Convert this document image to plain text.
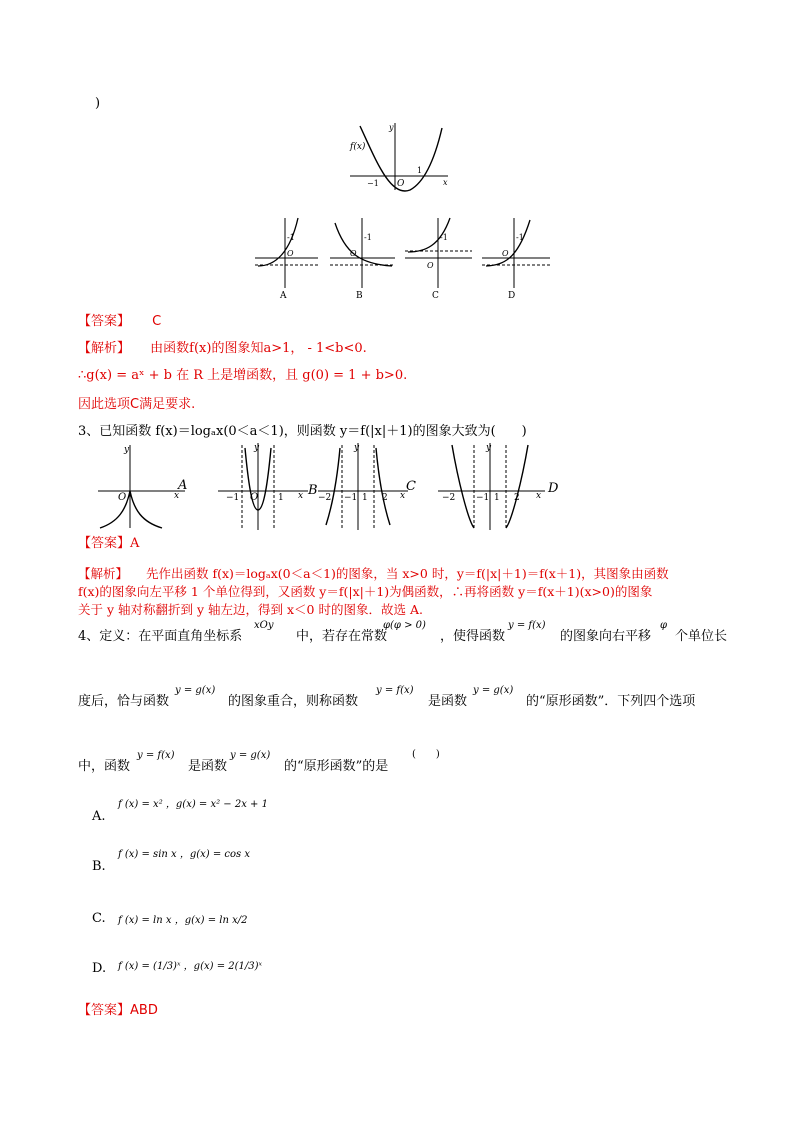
)
f(x)
y
x
O
−1
1
-1
O
A
-1
O
B
-1
O
C
-1
O
D
【答案】 C
【解析】 由函数f(x)的图象知a>1， - 1<b<0.
∴g(x) = aˣ + b 在 R 上是增函数，且 g(0) = 1 + b>0.
因此选项C满足要求.
3、已知函数 f(x)＝logₐx(0＜a＜1)，则函数 y＝f(|x|＋1)的图象大致为(　　)
y
x
O
A
−1 O 1
y
x B −2 −1 1 2
y
x
C
−2 −1 1 2
y
x D
【答案】A
【解析】 先作出函数 f(x)＝logₐx(0＜a＜1)的图象，当 x>0 时，y＝f(|x|＋1)＝f(x＋1)，其图象由函数
f(x)的图象向左平移 1 个单位得到，又函数 y＝f(|x|＋1)为偶函数，∴再将函数 y＝f(x＋1)(x>0)的图象
关于 y 轴对称翻折到 y 轴左边，得到 x＜0 时的图象．故选 A.
4、定义：在平面直角坐标系
xOy
中，若存在常数
φ(φ > 0)
，使得函数
y = f(x)
的图象向右平移
φ
个单位长
度后，恰与函数
y = g(x)
的图象重合，则称函数
y = f(x)
是函数
y = g(x)
的“原形函数”．下列四个选项
中，函数
y = f(x)
是函数
y = g(x)
的“原形函数”的是
(　　)
A.
f (x) = x² ，g(x) = x² − 2x + 1
B.
f (x) = sin x ，g(x) = cos x
C. f (x) = ln x ，g(x) = ln x/2
D. f (x) = (1/3)ˣ ，g(x) = 2(1/3)ˣ
【答案】ABD
